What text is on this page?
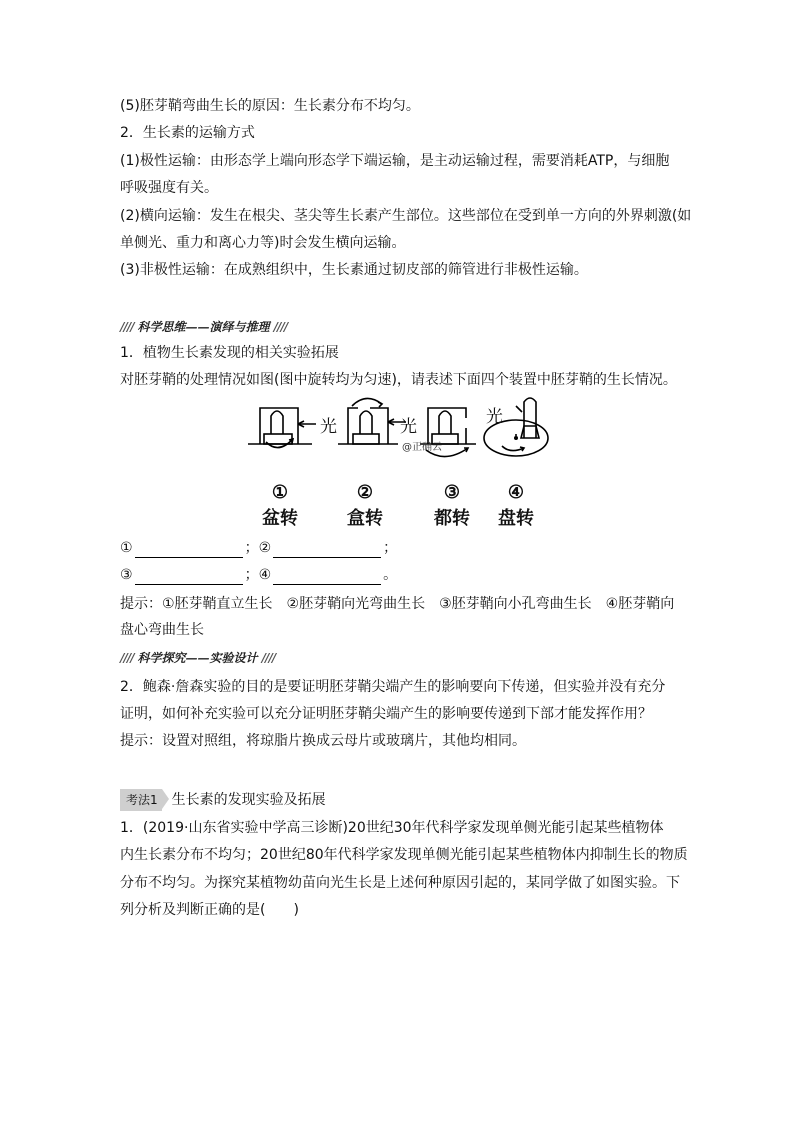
(5)胚芽鞘弯曲生长的原因：生长素分布不均匀。
2．生长素的运输方式
(1)极性运输：由形态学上端向形态学下端运输，是主动运输过程，需要消耗ATP，与细胞
呼吸强度有关。
(2)横向运输：发生在根尖、茎尖等生长素产生部位。这些部位在受到单一方向的外界刺激(如
单侧光、重力和离心力等)时会发生横向运输。
(3)非极性运输：在成熟组织中，生长素通过韧皮部的筛管进行非极性运输。
//// 科学思维——演绎与推理 ////
1．植物生长素发现的相关实验拓展
对胚芽鞘的处理情况如图(图中旋转均为匀速)，请表述下面四个装置中胚芽鞘的生长情况。
光	光	光
@正确云
①	②	③	④
盆转	盒转	都转	盘转
①	；②	；
③	；④	。
提示：①胚芽鞘直立生长　②胚芽鞘向光弯曲生长　③胚芽鞘向小孔弯曲生长　④胚芽鞘向
盘心弯曲生长
//// 科学探究——实验设计 ////
2．鲍森·詹森实验的目的是要证明胚芽鞘尖端产生的影响要向下传递，但实验并没有充分
证明，如何补充实验可以充分证明胚芽鞘尖端产生的影响要传递到下部才能发挥作用？
提示：设置对照组，将琼脂片换成云母片或玻璃片，其他均相同。
考法1 生长素的发现实验及拓展
1．(2019·山东省实验中学高三诊断)20世纪30年代科学家发现单侧光能引起某些植物体
内生长素分布不均匀；20世纪80年代科学家发现单侧光能引起某些植物体内抑制生长的物质
分布不均匀。为探究某植物幼苗向光生长是上述何种原因引起的，某同学做了如图实验。下
列分析及判断正确的是(　　)
